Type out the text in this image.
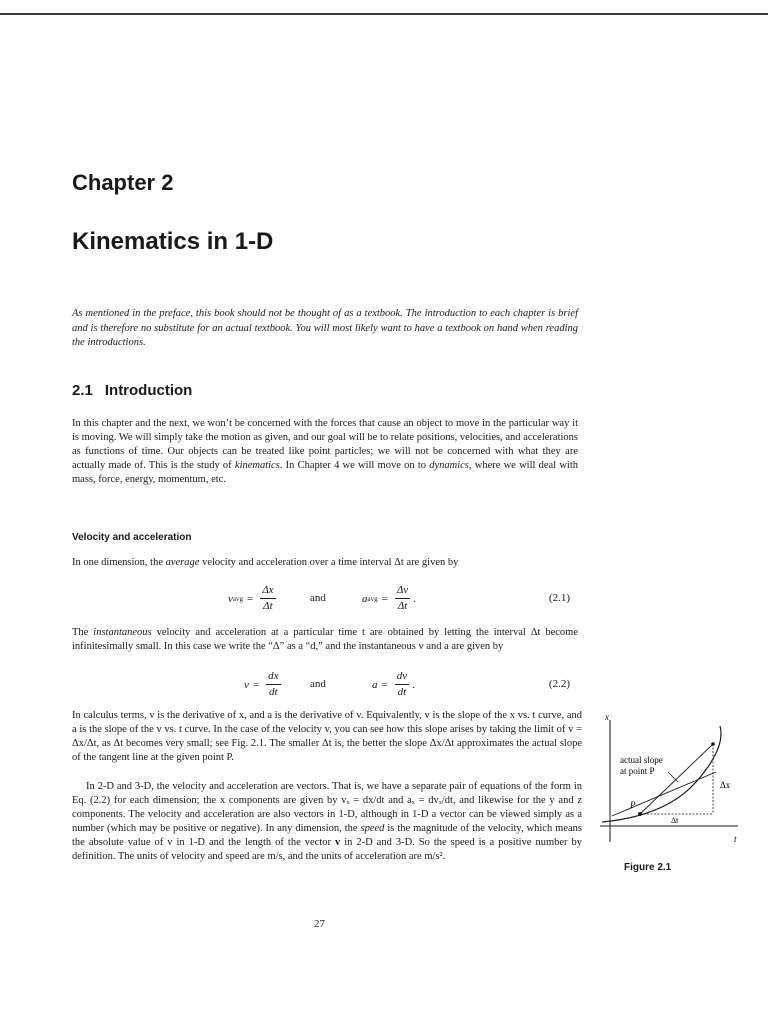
Chapter 2
Kinematics in 1-D

As mentioned in the preface, this book should not be thought of as a textbook. The introduction to each chapter is brief and is therefore no substitute for an actual textbook. You will most likely want to have a textbook on hand when reading the introductions.

2.1 Introduction

In this chapter and the next, we won’t be concerned with the forces that cause an object to move in the particular way it is moving. We will simply take the motion as given, and our goal will be to relate positions, velocities, and accelerations as functions of time. Our objects can be treated like point particles; we will not be concerned with what they are actually made of. This is the study of kinematics. In Chapter 4 we will move on to dynamics, where we will deal with mass, force, energy, momentum, etc.

Velocity and acceleration

In one dimension, the average velocity and acceleration over a time interval Δt are given by

v avg = $\frac{\Delta x}{\Delta t}$	and	a avg = $\frac{\Delta v}{\Delta t}$ .	(2.1)

The instantaneous velocity and acceleration at a particular time t are obtained by letting the interval Δt become infinitesimally small. In this case we write the “Δ” as a “d,” and the instantaneous v and a are given by

$v = \frac{dx}{dt}$	and	$a = \frac{dv}{dt}$ .	(2.2)

In calculus terms, v is the derivative of x, and a is the derivative of v. Equivalently, v is the slope of the x vs. t curve, and a is the slope of the v vs. t curve. In the case of the velocity v, you can see how this slope arises by taking the limit of v = Δx/Δt, as Δt becomes very small; see Fig. 2.1. The smaller Δt is, the better the slope Δx/Δt approximates the actual slope of the tangent line at the given point P.

In 2-D and 3-D, the velocity and acceleration are vectors. That is, we have a separate pair of equations of the form in Eq. (2.2) for each dimension; the x components are given by vₓ = dx/dt and aₓ = dvₓ/dt, and likewise for the y and z components. The velocity and acceleration are also vectors in 1-D, although in 1-D a vector can be viewed simply as a number (which may be positive or negative). In any dimension, the speed is the magnitude of the velocity, which means the absolute value of v in 1-D and the length of the vector v in 2-D and 3-D. So the speed is a positive number by definition. The units of velocity and speed are m/s, and the units of acceleration are m/s².

x
t
actual slope
at point P
P
Δx
Δt
Figure 2.1
27
